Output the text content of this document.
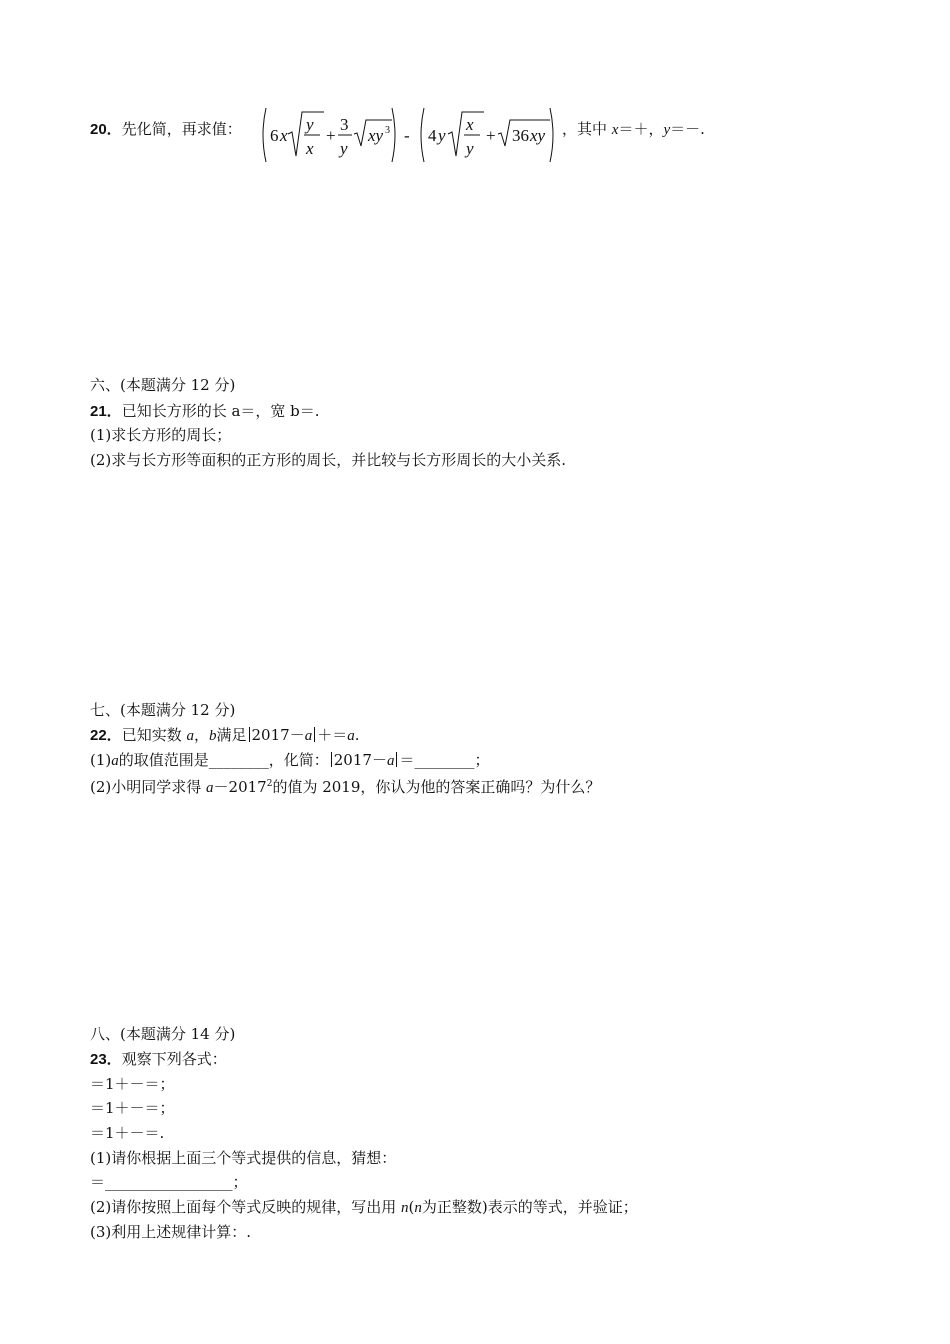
20．先化简，再求值： 6 x
y
x
+
3
y
xy 3 - 4 y
x
y
+ 36 xy ，其中 x＝＋，y＝－.
六、(本题满分 12 分)
21．已知长方形的长 a＝，宽 b＝.
(1)求长方形的周长；
(2)求与长方形等面积的正方形的周长，并比较与长方形周长的大小关系.
七、(本题满分 12 分)
22．已知实数 a，b满足 2017－a ＋＝a.
(1)a的取值范围是________，化简： 2017－a ＝________；
(2)小明同学求得 $a-2017^2$的值为 2019，你认为他的答案正确吗？为什么？
八、(本题满分 14 分)
23．观察下列各式：
＝1＋－＝；
＝1＋－＝；
＝1＋－＝.
(1)请你根据上面三个等式提供的信息，猜想：
＝_________________；
(2)请你按照上面每个等式反映的规律，写出用 n(n为正整数)表示的等式，并验证；
(3)利用上述规律计算：.
